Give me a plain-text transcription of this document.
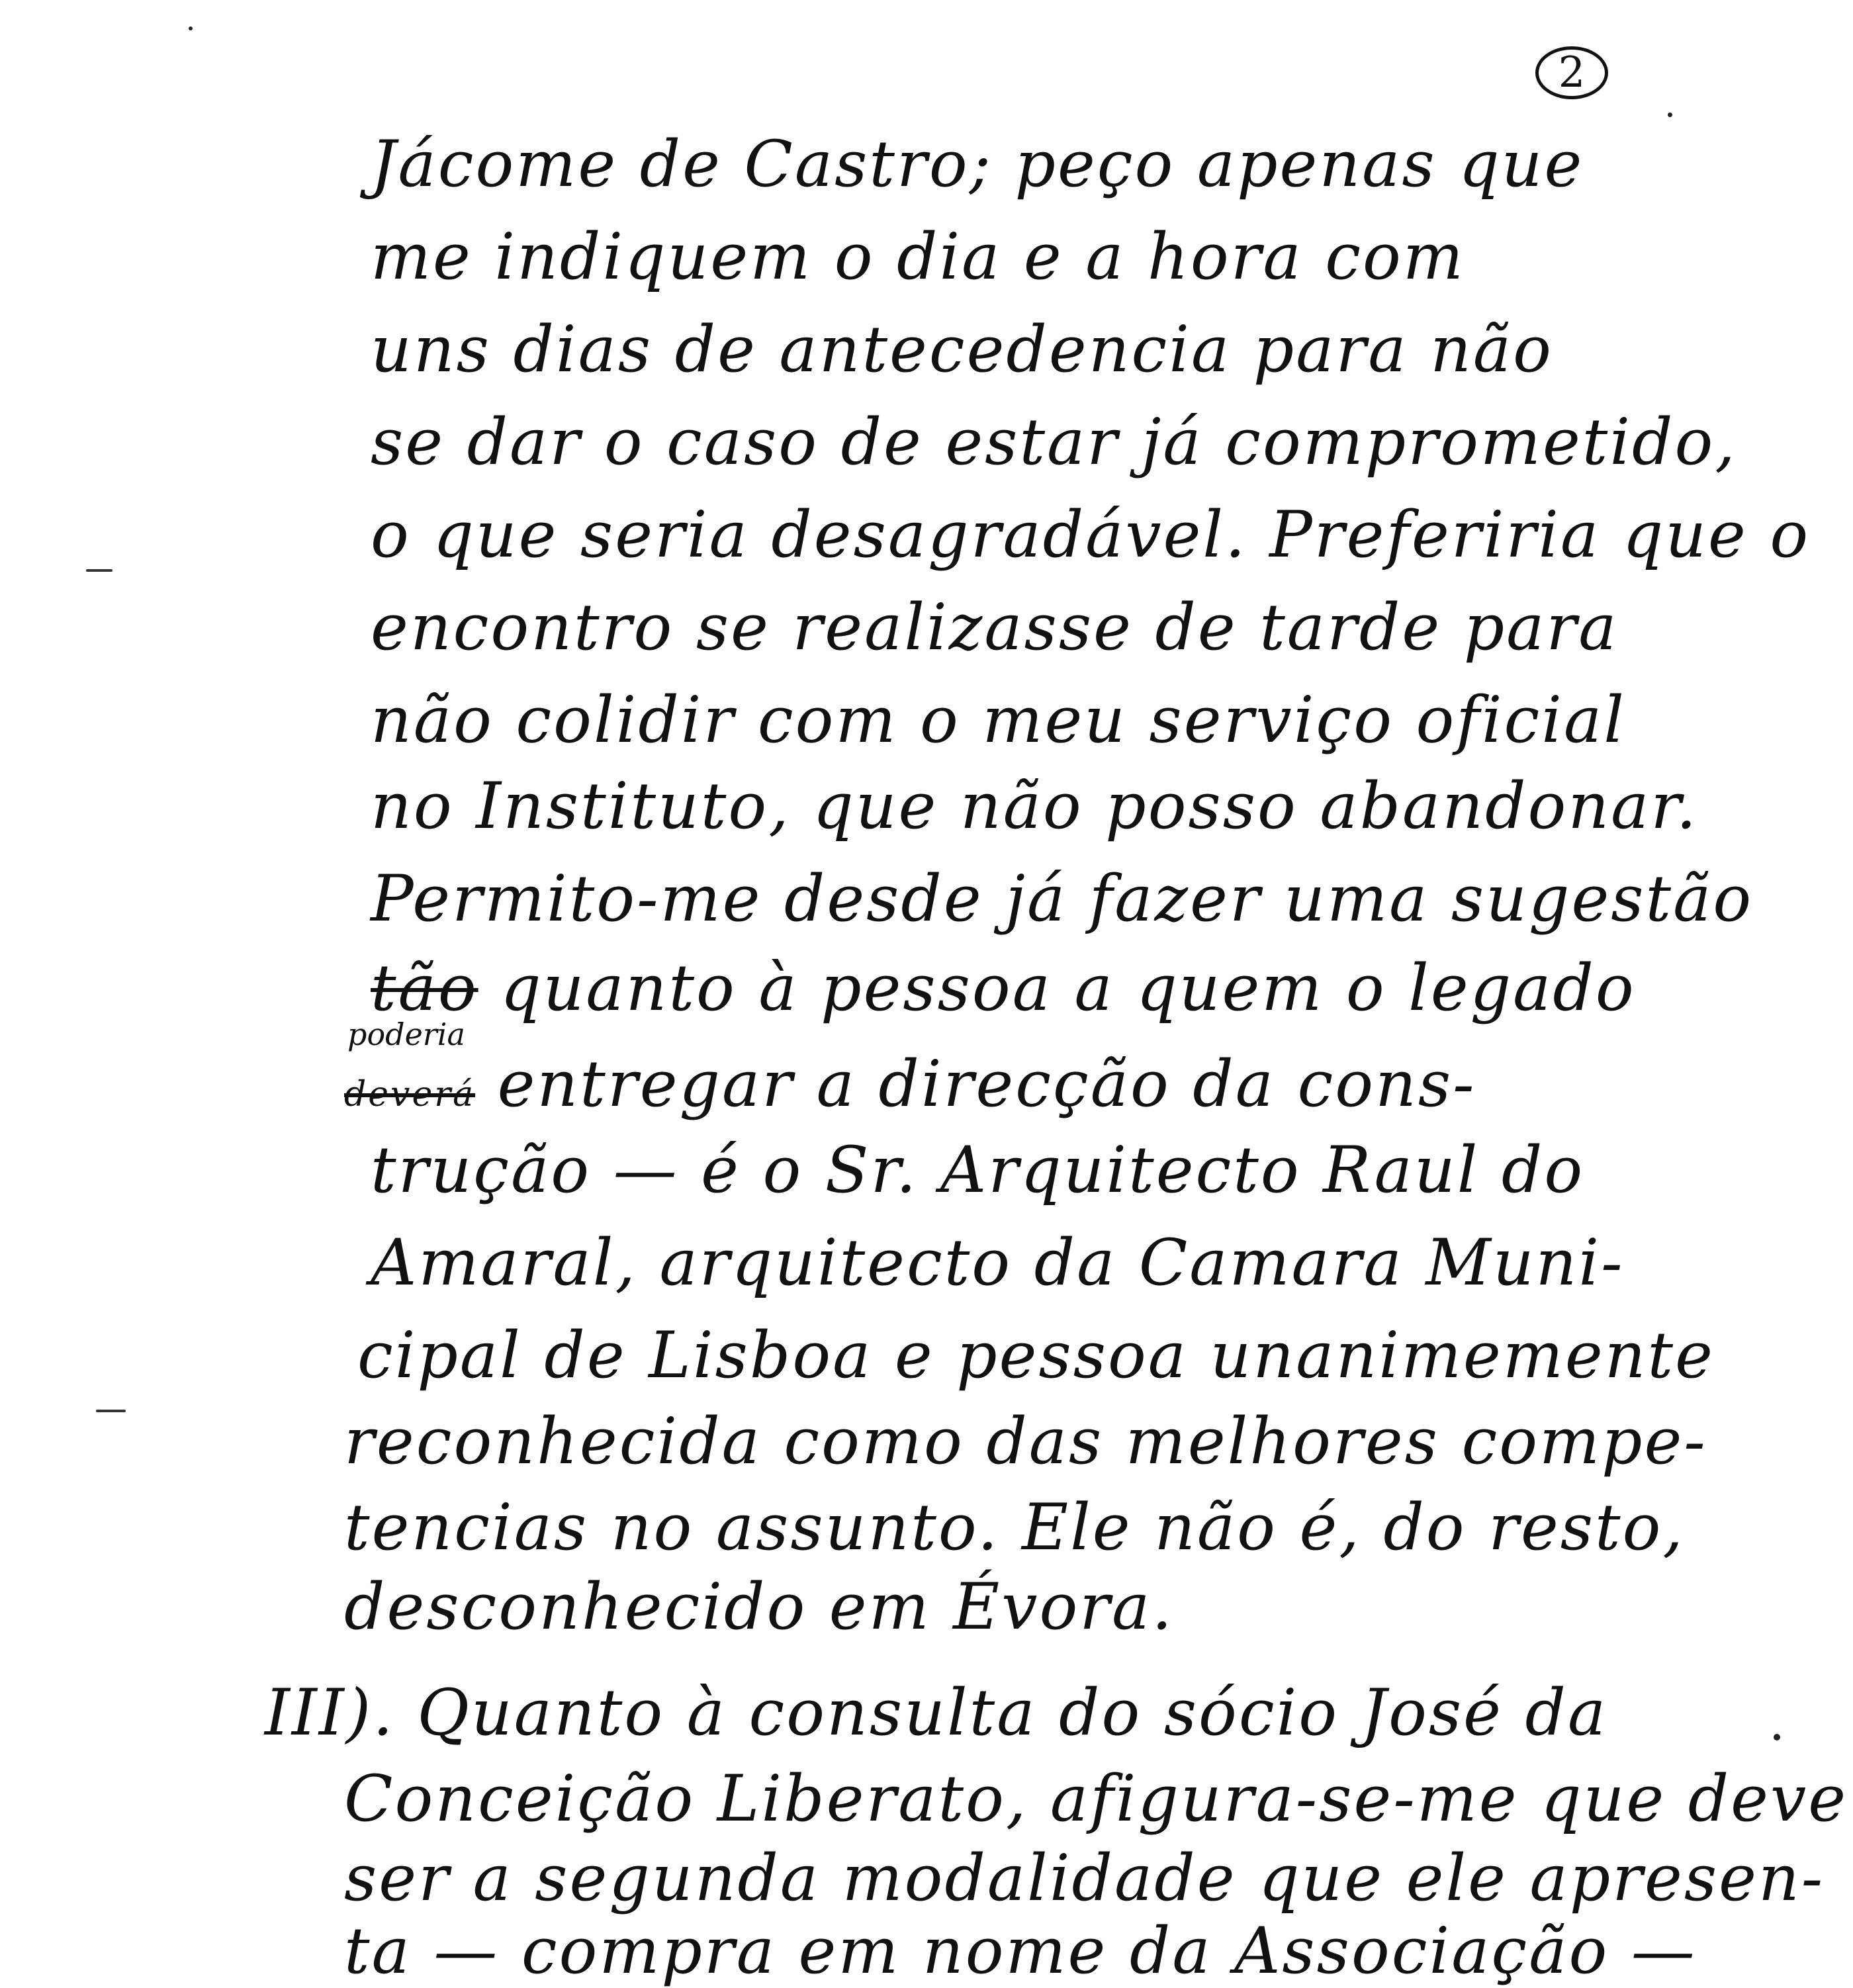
2
Jácome de Castro; peço apenas que
me indiquem o dia e a hora com
uns dias de antecedencia para não
se dar o caso de estar já comprometido,
o que seria desagradável. Preferiria que o
encontro se realizasse de tarde para
não colidir com o meu serviço oficial
no Instituto, que não posso abandonar.
Permito-me desde já fazer uma sugestão
tão quanto à pessoa a quem o legado
poderia
deverá entregar a direcção da cons-
trução — é o Sr. Arquitecto Raul do
Amaral, arquitecto da Camara Muni-
cipal de Lisboa e pessoa unanimemente
reconhecida como das melhores compe-
tencias no assunto. Ele não é, do resto,
desconhecido em Évora.
III). Quanto à consulta do sócio José da
Conceição Liberato, afigura-se-me que deve
ser a segunda modalidade que ele apresen-
ta — compra em nome da Associação —
